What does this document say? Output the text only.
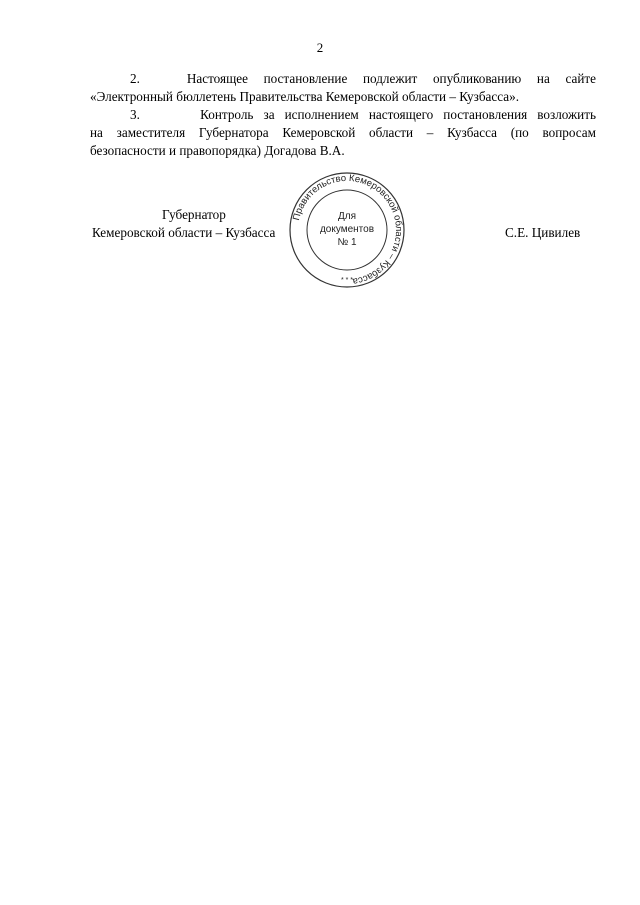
2
2.	Настоящее постановление подлежит опубликованию на сайте
«Электронный бюллетень Правительства Кемеровской области – Кузбасса».
3.	Контроль за исполнением настоящего постановления возложить
на заместителя Губернатора Кемеровской области – Кузбасса (по вопросам
безопасности и правопорядка) Догадова В.А.
Губернатор
Кемеровской области – Кузбасса	С.Е. Цивилев
Правительство Кемеровской области – Кузбасса
Для
документов
№ 1
* * *
